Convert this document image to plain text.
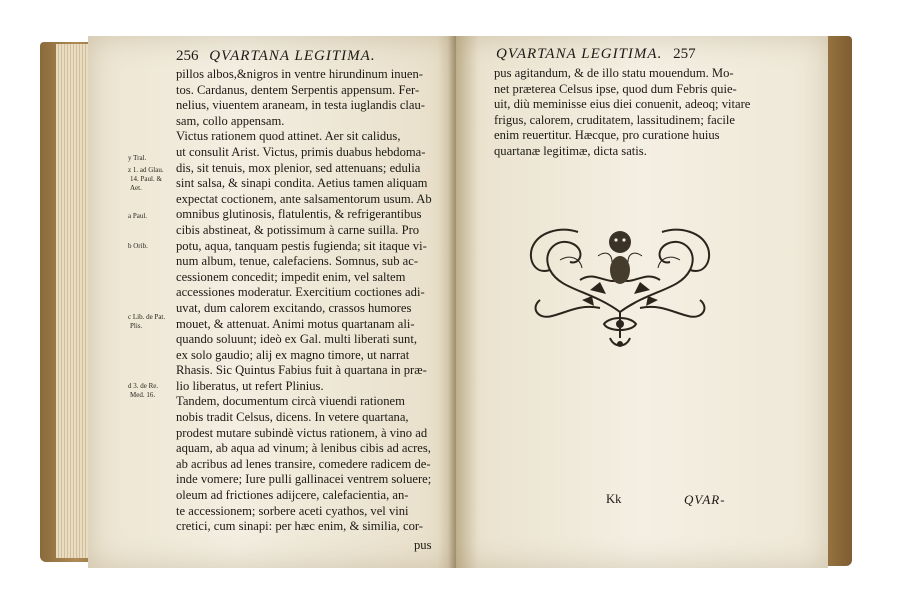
256 QVARTANA LEGITIMA.
y Tral.
z 1. ad Glau.
14. Paul. &
Aet.
a Paul.
b Orib.
c Lib. de Pat.
Plis.
d 3. de Re.
Med. 16.
pillos albos,&nigros in ventre hirundinum inuen-
tos. Cardanus, dentem Serpentis appensum. Fer-
nelius, viuentem araneam, in testa iuglandis clau-
sam, collo appensam.
Victus rationem quod attinet. Aer sit calidus,
ut consulit Arist. Victus, primis duabus hebdoma-
dis, sit tenuis, mox plenior, sed attenuans; edulia
sint salsa, & sinapi condita. Aetius tamen aliquam
expectat coctionem, ante salsamentorum usum. Ab
omnibus glutinosis, flatulentis, & refrigerantibus
cibis abstineat, & potissimum à carne suilla. Pro
potu, aqua, tanquam pestis fugienda; sit itaque vi-
num album, tenue, calefaciens. Somnus, sub ac-
cessionem concedit; impedit enim, vel saltem
accessiones moderatur. Exercitium coctiones adi-
uvat, dum calorem excitando, crassos humores
mouet, & attenuat. Animi motus quartanam ali-
quando soluunt; ideò ex Gal. multi liberati sunt,
ex solo gaudio; alij ex magno timore, ut narrat
Rhasis. Sic Quintus Fabius fuit à quartana in præ-
lio liberatus, ut refert Plinius.
Tandem, documentum circà viuendi rationem
nobis tradit Celsus, dicens. In vetere quartana,
prodest mutare subindè victus rationem, à vino ad
aquam, ab aqua ad vinum; à lenibus cibis ad acres,
ab acribus ad lenes transire, comedere radicem de-
inde vomere; Iure pulli gallinacei ventrem soluere;
oleum ad frictiones adijcere, calefacientia, an-
te accessionem; sorbere aceti cyathos, vel vini
cretici, cum sinapi: per hæc enim, & similia, cor-
pus
QVARTANA LEGITIMA. 257
pus agitandum, & de illo statu mouendum. Mo-
net præterea Celsus ipse, quod dum Febris quie-
uit, diù meminisse eius diei conuenit, adeoq; vitare
frigus, calorem, cruditatem, lassitudinem; facile
enim reuertitur. Hæcque, pro curatione huius
quartanæ legitimæ, dicta satis.
Kk	QVAR-
